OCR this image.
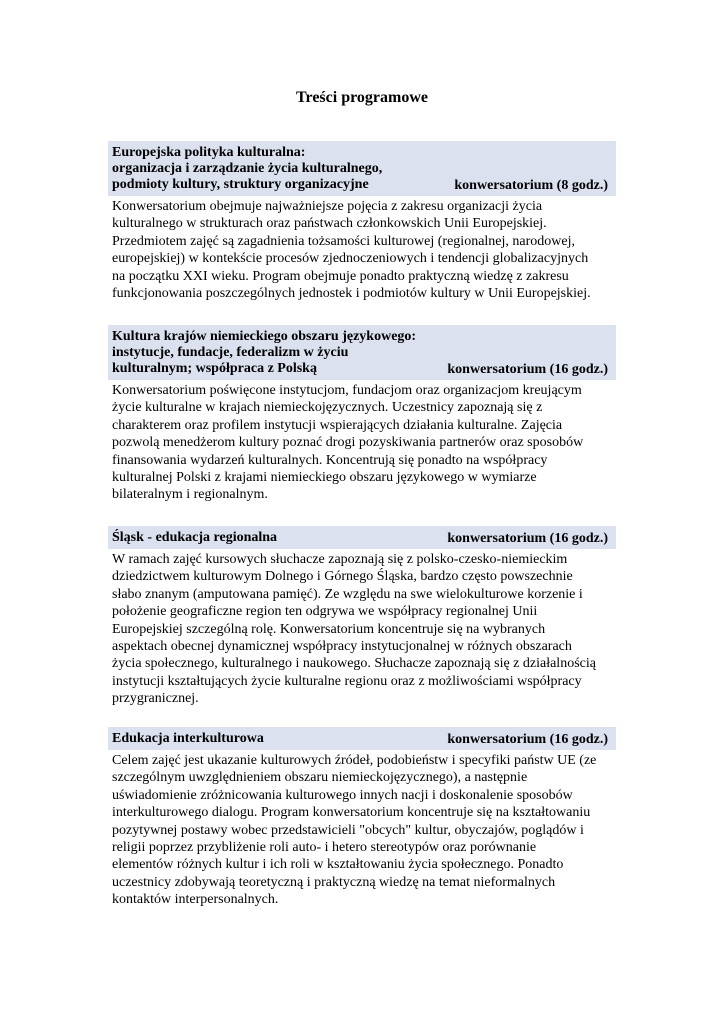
Treści programowe
Europejska polityka kulturalna:
organizacja i zarządzanie życia kulturalnego,
podmioty kultury, struktury organizacyjne	konwersatorium (8 godz.)
Konwersatorium obejmuje najważniejsze pojęcia z zakresu organizacji życia
kulturalnego w strukturach oraz państwach członkowskich Unii Europejskiej.
Przedmiotem zajęć są zagadnienia tożsamości kulturowej (regionalnej, narodowej,
europejskiej) w kontekście procesów zjednoczeniowych i tendencji globalizacyjnych
na początku XXI wieku. Program obejmuje ponadto praktyczną wiedzę z zakresu
funkcjonowania poszczególnych jednostek i podmiotów kultury w Unii Europejskiej.
Kultura krajów niemieckiego obszaru językowego:
instytucje, fundacje, federalizm w życiu
kulturalnym; współpraca z Polską	konwersatorium (16 godz.)
Konwersatorium poświęcone instytucjom, fundacjom oraz organizacjom kreującym
życie kulturalne w krajach niemieckojęzycznych. Uczestnicy zapoznają się z
charakterem oraz profilem instytucji wspierających działania kulturalne. Zajęcia
pozwolą menedżerom kultury poznać drogi pozyskiwania partnerów oraz sposobów
finansowania wydarzeń kulturalnych. Koncentrują się ponadto na współpracy
kulturalnej Polski z krajami niemieckiego obszaru językowego w wymiarze
bilateralnym i regionalnym.
Śląsk - edukacja regionalna	konwersatorium (16 godz.)
W ramach zajęć kursowych słuchacze zapoznają się z polsko-czesko-niemieckim
dziedzictwem kulturowym Dolnego i Górnego Śląska, bardzo często powszechnie
słabo znanym (amputowana pamięć). Ze względu na swe wielokulturowe korzenie i
położenie geograficzne region ten odgrywa we współpracy regionalnej Unii
Europejskiej szczególną rolę. Konwersatorium koncentruje się na wybranych
aspektach obecnej dynamicznej współpracy instytucjonalnej w różnych obszarach
życia społecznego, kulturalnego i naukowego. Słuchacze zapoznają się z działalnością
instytucji kształtujących życie kulturalne regionu oraz z możliwościami współpracy
przygranicznej.
Edukacja interkulturowa	konwersatorium (16 godz.)
Celem zajęć jest ukazanie kulturowych źródeł, podobieństw i specyfiki państw UE (ze
szczególnym uwzględnieniem obszaru niemieckojęzycznego), a następnie
uświadomienie zróżnicowania kulturowego innych nacji i doskonalenie sposobów
interkulturowego dialogu. Program konwersatorium koncentruje się na kształtowaniu
pozytywnej postawy wobec przedstawicieli "obcych" kultur, obyczajów, poglądów i
religii poprzez przybliżenie roli auto- i hetero stereotypów oraz porównanie
elementów różnych kultur i ich roli w kształtowaniu życia społecznego. Ponadto
uczestnicy zdobywają teoretyczną i praktyczną wiedzę na temat nieformalnych
kontaktów interpersonalnych.
